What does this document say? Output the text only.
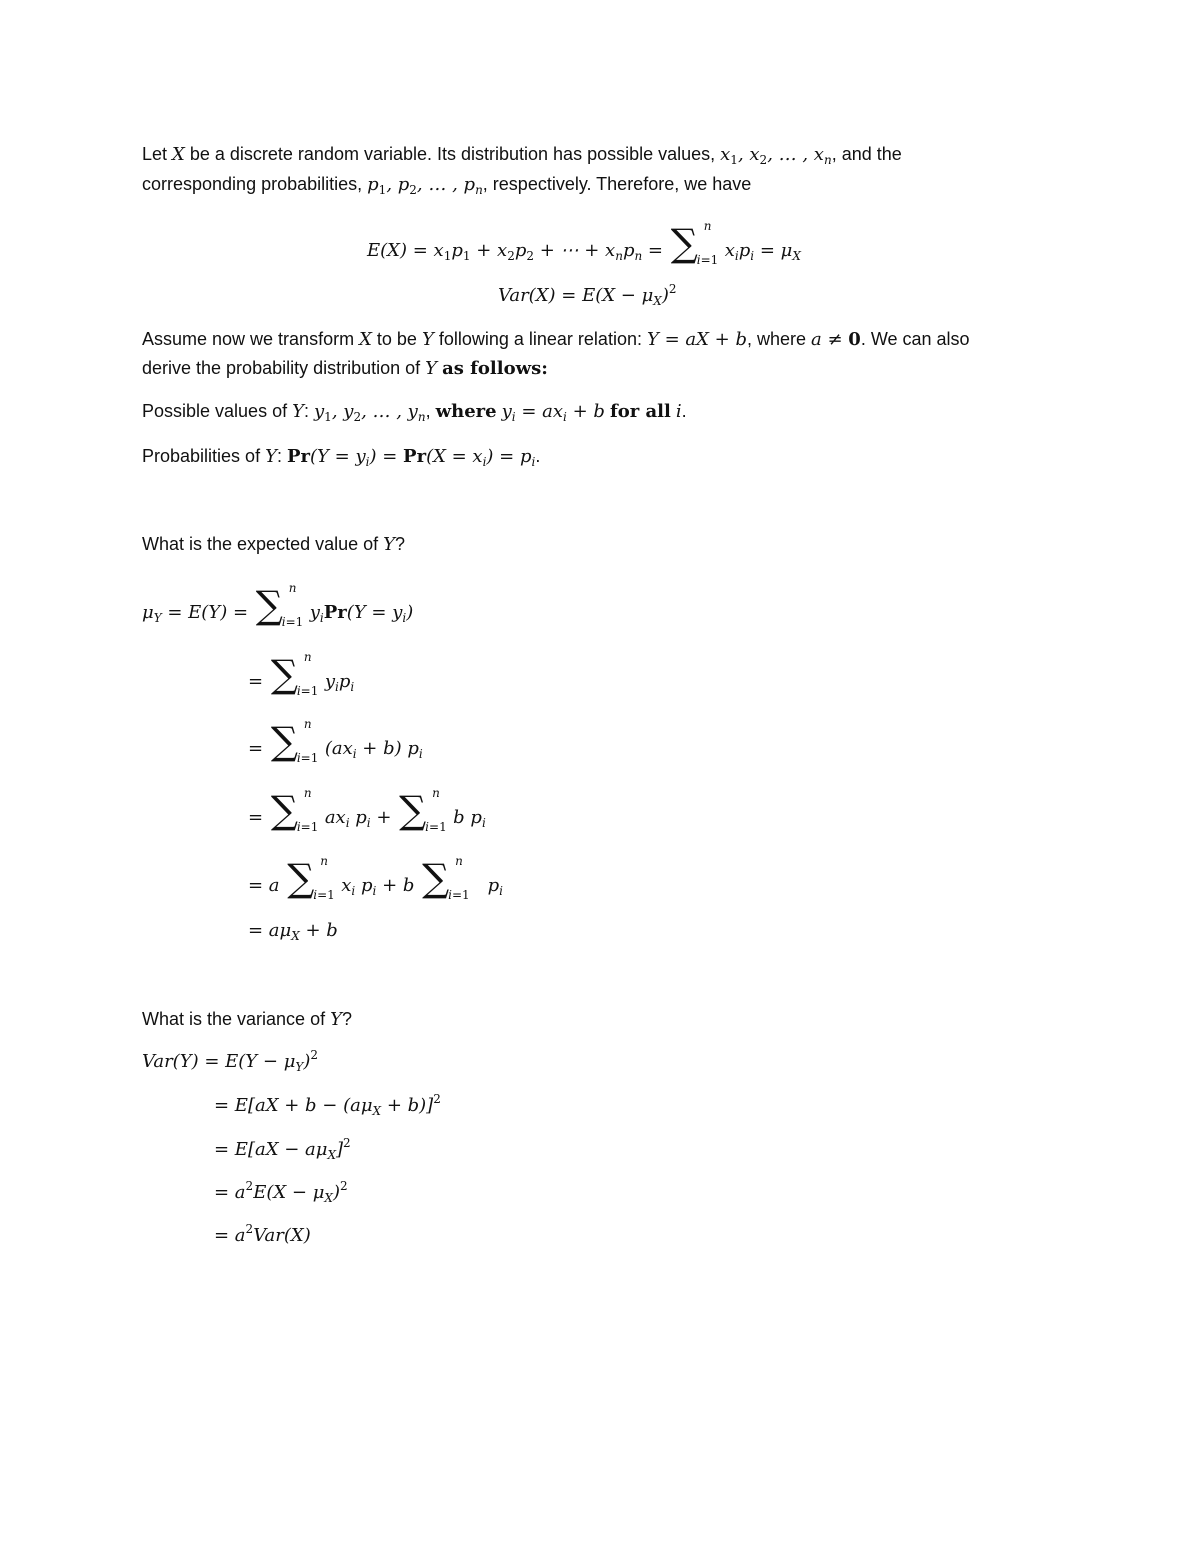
Let X be a discrete random variable. Its distribution has possible values, $x_1$, $x_2$, … , $x_n$, and the
corresponding probabilities, $p_1$, $p_2$, … , $p_n$, respectively. Therefore, we have
$E(X) = x_1p_1 + x_2p_2$ + ⋯ + $x_np_n$ = ∑ n
i=1 $x_ip_i = \mu_X$
$Var(X) = E(X - \mu_X)^2$
Assume now we transform X to be Y following a linear relation: Y = aX + b, where a ≠ 0. We can also
derive the probability distribution of Y as follows:
Possible values of Y: $y_1$, $y_2$, … , $y_n$, where $y_i = ax_i + b$ for all i.
Probabilities of Y: $Pr(Y = y_i) = Pr(X = x_i) = p_i$.
What is the expected value of Y?
$\mu_Y = E(Y)$ = ∑ n
i=1 $y_iPr(Y = y_i)$
= ∑ n
i=1 $y_ip_i$
= ∑ n
i=1 $(ax_i + b)$ $p_i$
= ∑ n
i=1 $ax_i$ $p_i$ + ∑ n
i=1 b $p_i$
= a ∑ n
i=1 $x_i$ $p_i + b$ ∑ n
i=1 $p_i$
= $a\mu_X + b$
What is the variance of Y?
$Var(Y) = E(Y - \mu_Y)^2$
= $E[aX + b - (a\mu_X + b)]^2$
= $E[aX - a\mu_X]^2$
= $a^2E(X - \mu_X)^2$
= $a^2Var(X)$
